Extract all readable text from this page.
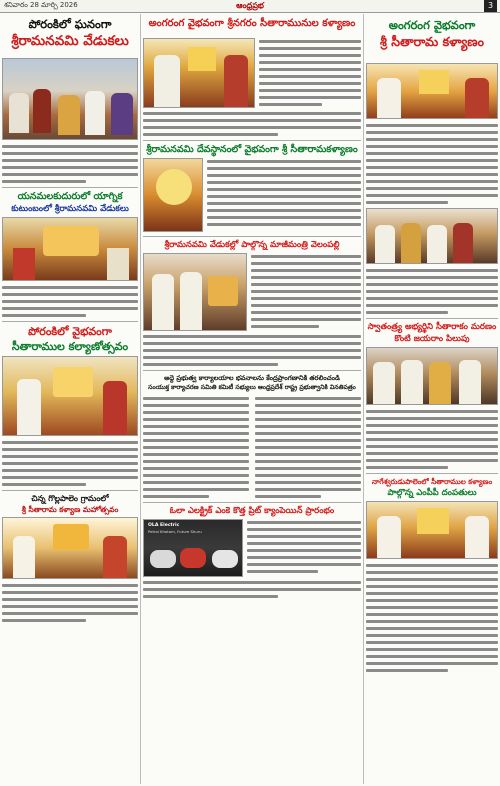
శనివారం 28 మార్చి 2026	ఆంధ్రప్రభ	3
పోరంకిలో ఘనంగా
శ్రీరామనవమి వేడుకలు
యనమలకుదురులో యాగ్నిక
కుటుంబంలో శ్రీరామనవమి వేడుకలు
పోరంకిలో వైభవంగా
సీతారాముల కల్యాణోత్సవం
చిన్న గొల్లపాలెం గ్రామంలో
శ్రీ సీతారామ కళ్యాణ మహోత్సవం
అంగరంగ వైభవంగా శ్రీనగరం సీతారామునుల కళ్యాణం
శ్రీరామనవమి దేవస్థానంలో వైభవంగా శ్రీ సీతారామకళ్యాణం
శ్రీరామనవమి వేడుకల్లో పాల్గొన్న మాజీమంత్రి వెలంపల్లి
అద్దె ప్రభుత్వ కార్యాలయాల భవనాలను కేంద్రప్రాంగణానికి తరలించండి
సంయుక్త కార్యాచరణ సమితి కమిటీ సభ్యులు ఆంధ్రప్రదేశ్ రాష్ట్ర ప్రభుత్వానికి వినతిపత్రం
ఓలా ఎలక్ట్రిక్ ఎంకె కొత్త ప్రిట్ క్యాంపెయిన్ ప్రారంభం
OLA Electric
Petrol Khatam, Future Shuru
అంగరంగ వైభవంగా
శ్రీ సీతారామ కళ్యాణం
స్వాతంత్ర్య అభ్యర్థిని సీతారాకం మరణం కొంటి జయరాం పిలుపు
నాగేశ్వరుడుపాలెంలో సీతారాముల కళ్యాణం
పాల్గొన్న ఎంపీపీ దంపతులు
